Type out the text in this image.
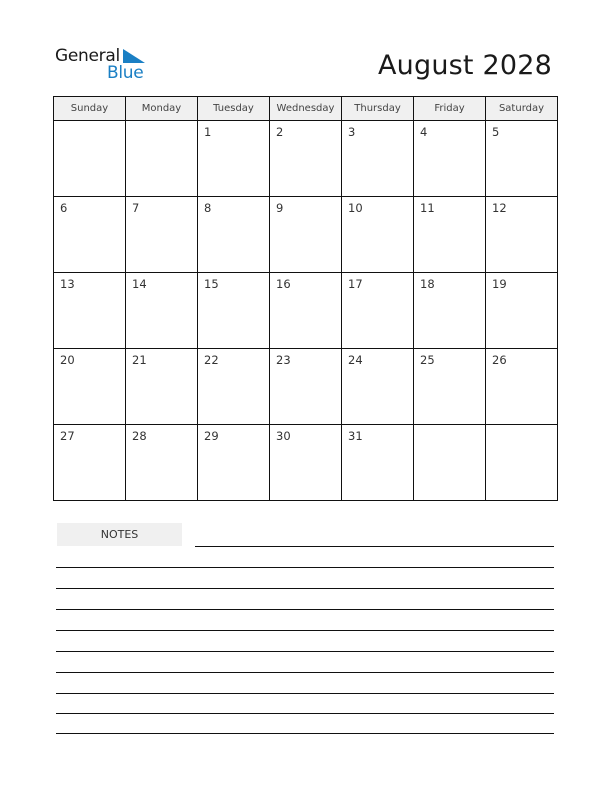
General
Blue	August 2028
Sunday	Monday	Tuesday	Wednesday	Thursday	Friday	Saturday

		1	2	3	4	5

6	7	8	9	10	11	12

13	14	15	16	17	18	19

20	21	22	23	24	25	26

27	28	29	30	31		

NOTES
